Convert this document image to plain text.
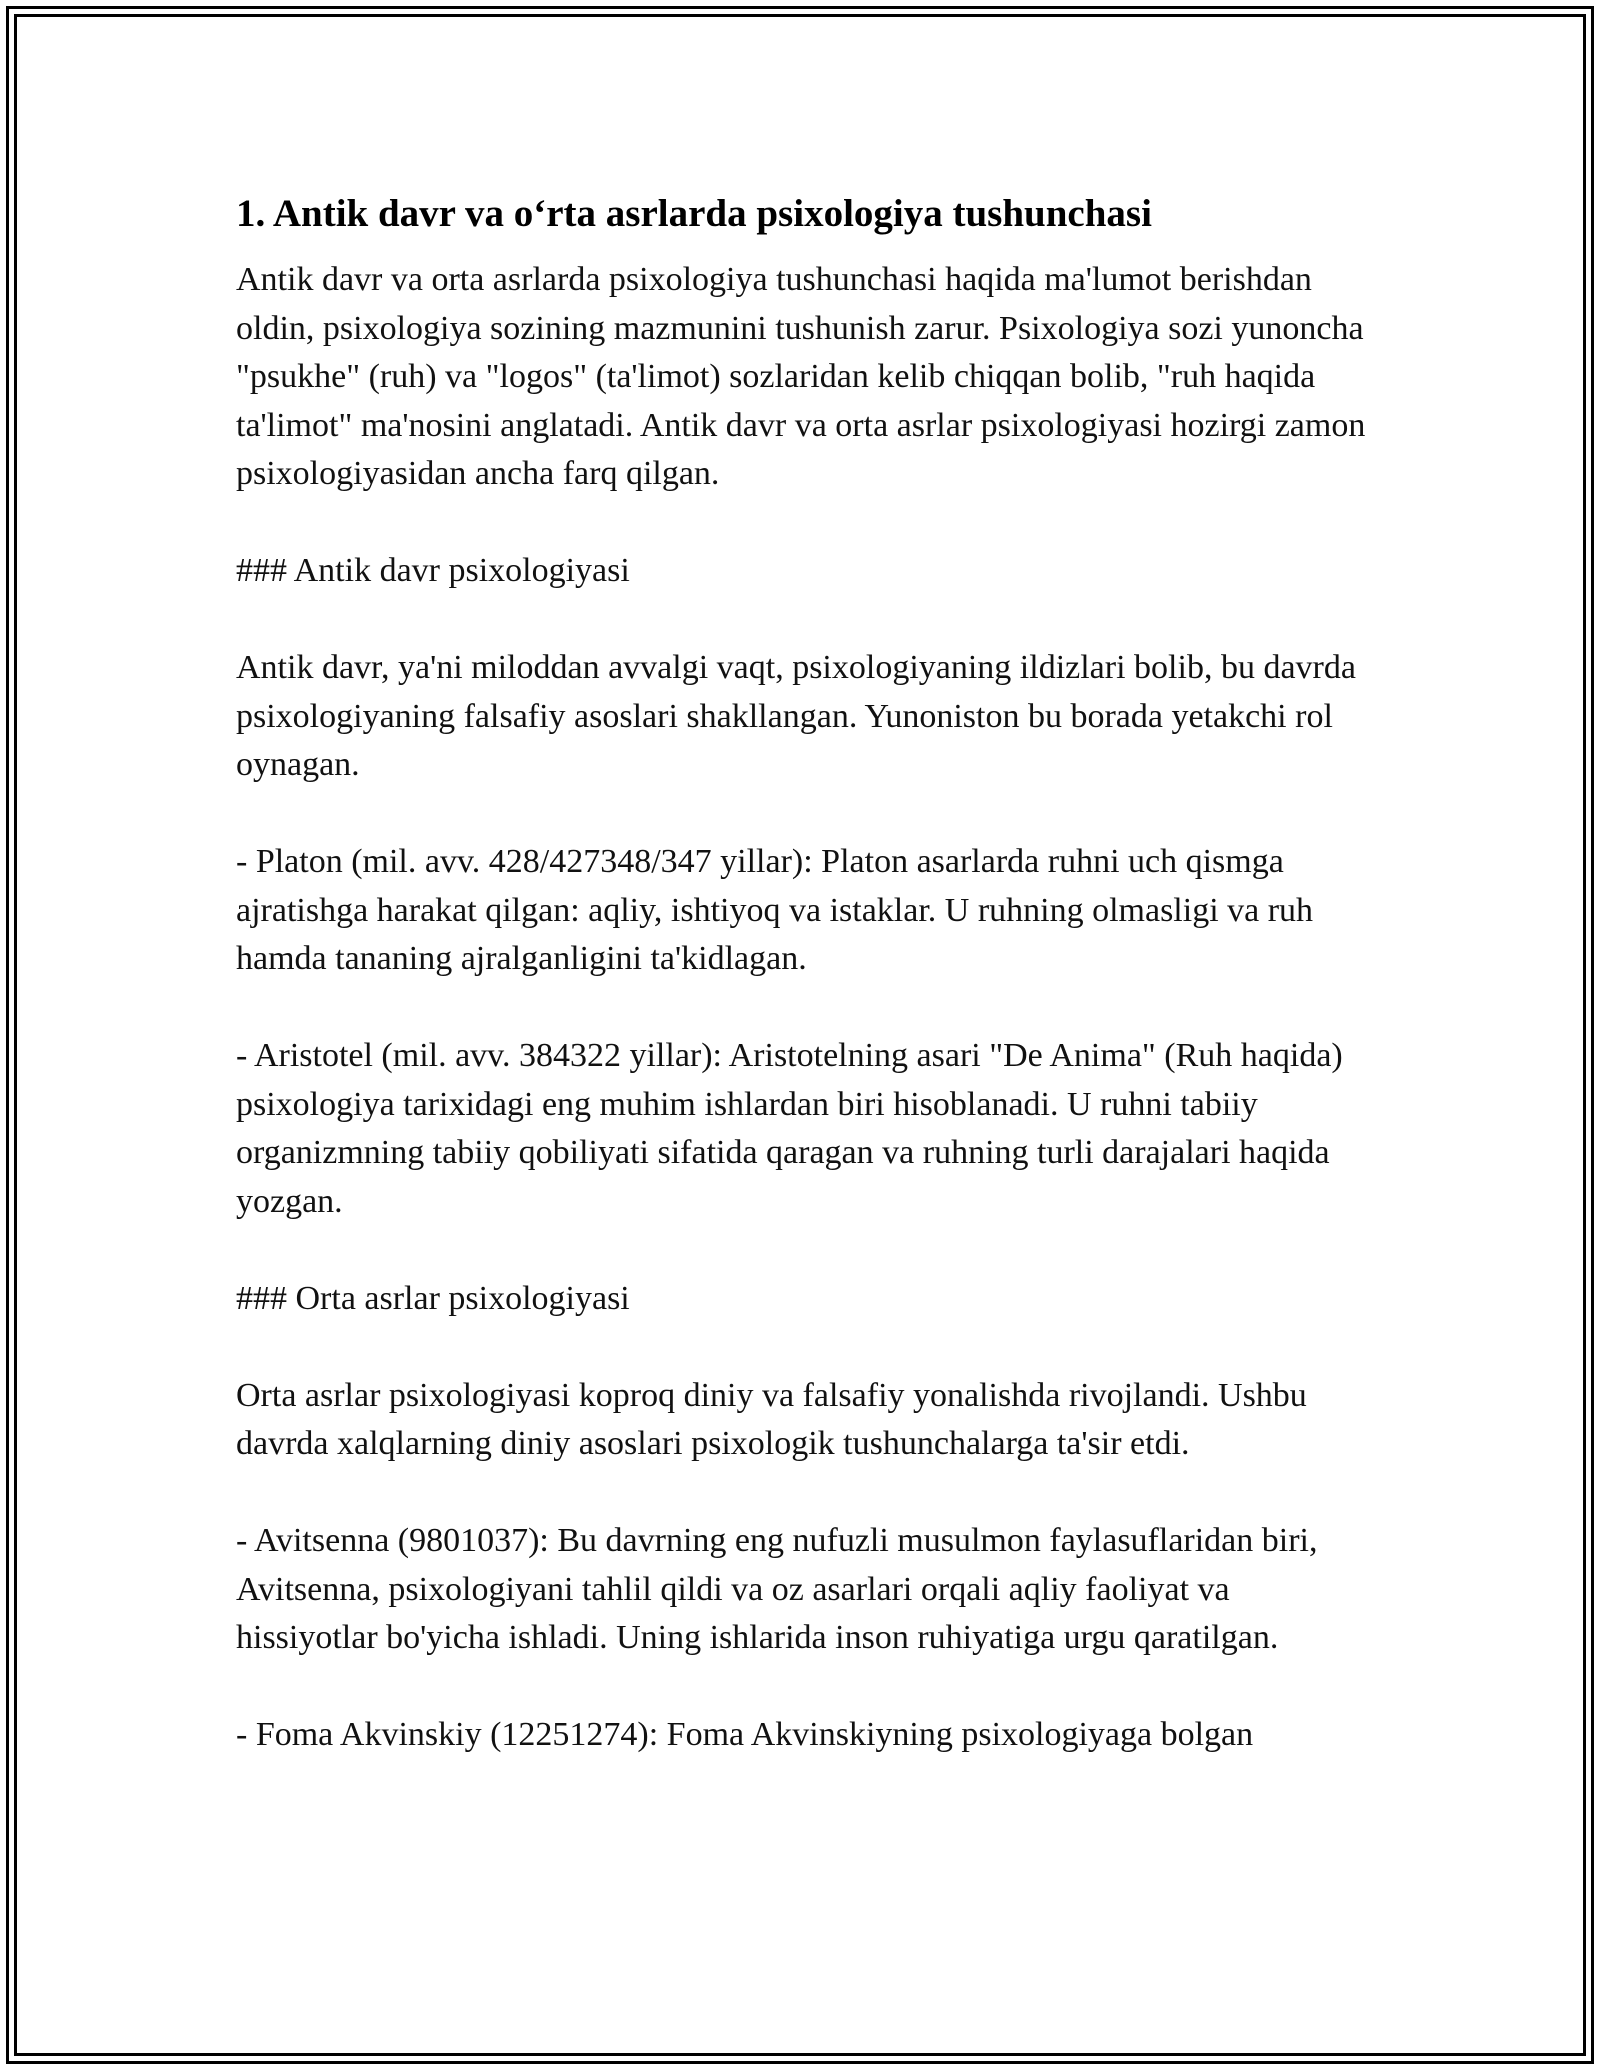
1. Antik davr va o‘rta asrlarda psixologiya tushunchasi

Antik davr va orta asrlarda psixologiya tushunchasi haqida ma'lumot berishdan oldin, psixologiya sozining mazmunini tushunish zarur. Psixologiya sozi yunoncha "psukhe" (ruh) va "logos" (ta'limot) sozlaridan kelib chiqqan bolib, "ruh haqida ta'limot" ma'nosini anglatadi. Antik davr va orta asrlar psixologiyasi hozirgi zamon psixologiyasidan ancha farq qilgan.

### Antik davr psixologiyasi

Antik davr, ya'ni miloddan avvalgi vaqt, psixologiyaning ildizlari bolib, bu davrda psixologiyaning falsafiy asoslari shakllangan. Yunoniston bu borada yetakchi rol oynagan.

- Platon (mil. avv. 428/427348/347 yillar): Platon asarlarda ruhni uch qismga ajratishga harakat qilgan: aqliy, ishtiyoq va istaklar. U ruhning olmasligi va ruh hamda tananing ajralganligini ta'kidlagan.

- Aristotel (mil. avv. 384322 yillar): Aristotelning asari "De Anima" (Ruh haqida) psixologiya tarixidagi eng muhim ishlardan biri hisoblanadi. U ruhni tabiiy organizmning tabiiy qobiliyati sifatida qaragan va ruhning turli darajalari haqida yozgan.

### Orta asrlar psixologiyasi

Orta asrlar psixologiyasi koproq diniy va falsafiy yonalishda rivojlandi. Ushbu davrda xalqlarning diniy asoslari psixologik tushunchalarga ta'sir etdi.

- Avitsenna (9801037): Bu davrning eng nufuzli musulmon faylasuflaridan biri, Avitsenna, psixologiyani tahlil qildi va oz asarlari orqali aqliy faoliyat va hissiyotlar bo'yicha ishladi. Uning ishlarida inson ruhiyatiga urgu qaratilgan.

- Foma Akvinskiy (12251274): Foma Akvinskiyning psixologiyaga bolgan
